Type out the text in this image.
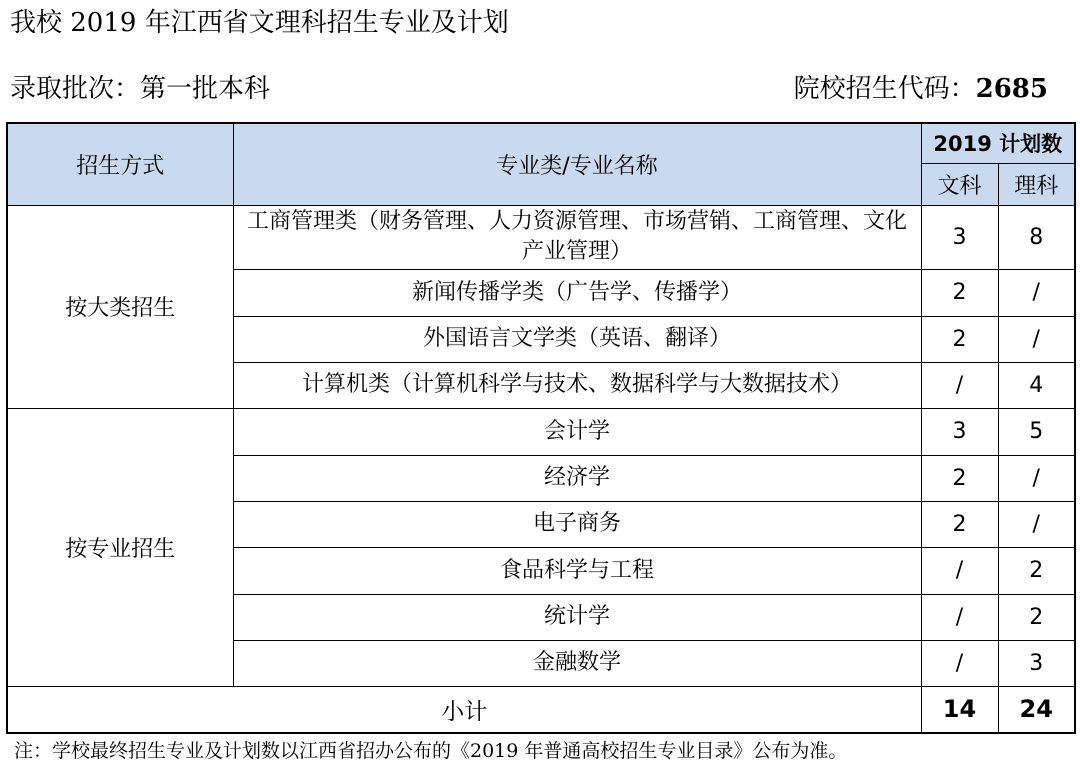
我校 2019 年江西省文理科招生专业及计划
录取批次：第一批本科	院校招生代码：2685
招生方式	专业类/专业名称	2019 计划数	
		文科	理科
按大类招生	工商管理类（财务管理、人力资源管理、市场营销、工商管理、文化产业管理）	3	8
	新闻传播学类（广告学、传播学）	2	/
	外国语言文学类（英语、翻译）	2	/
	计算机类（计算机科学与技术、数据科学与大数据技术）	/	4
按专业招生	会计学	3	5
	经济学	2	/
	电子商务	2	/
	食品科学与工程	/	2
	统计学	/	2
	金融数学	/	3
小计		14	24
注：学校最终招生专业及计划数以江西省招办公布的《2019 年普通高校招生专业目录》公布为准。
